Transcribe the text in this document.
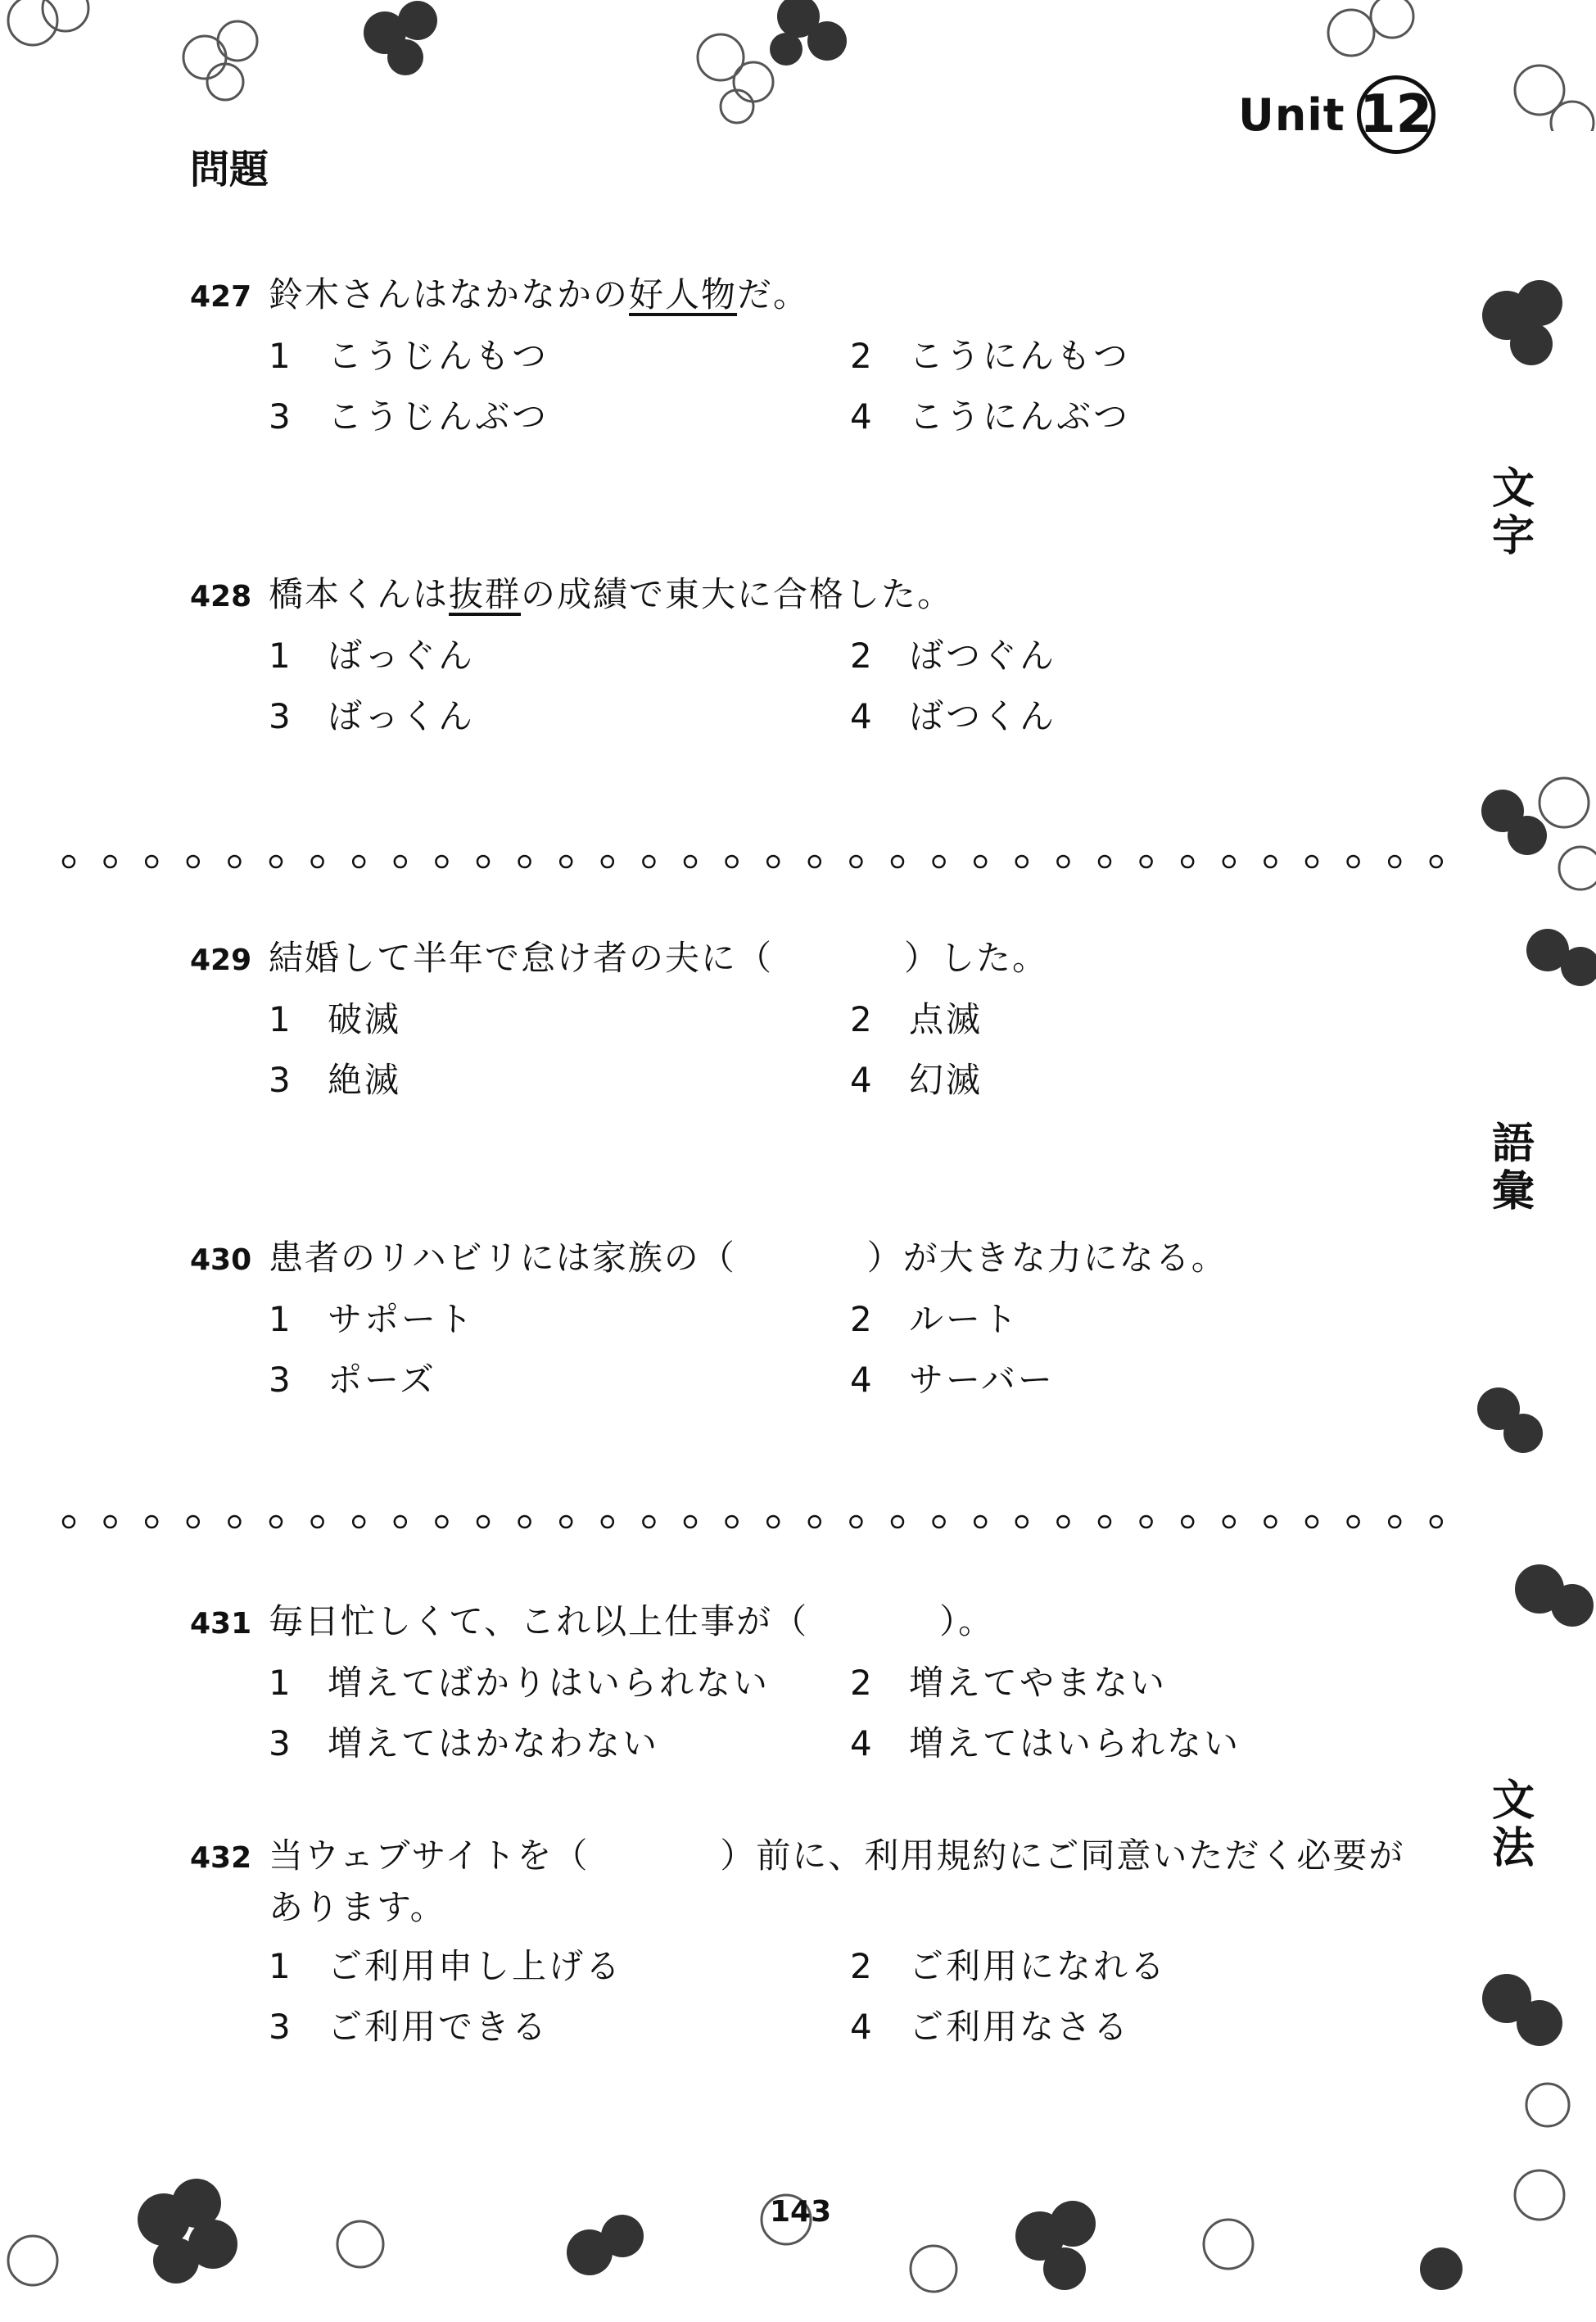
Unit 12
問題
文
字
語
彙
文
法
427 鈴木さんはなかなかの好人物だ。
1	こうじんもつ	2	こうにんもつ
3	こうじんぶつ	4	こうにんぶつ
428 橋本くんは抜群の成績で東大に合格した。
1	ばっぐん	2	ばつぐん
3	ばっくん	4	ばつくん
429 結婚して半年で怠け者の夫に（	）した。
1	破滅	2	点滅
3	絶滅	4	幻滅
430 患者のリハビリには家族の（	）が大きな力になる。
1	サポート	2	ルート
3	ポーズ	4	サーバー
431 毎日忙しくて、これ以上仕事が（	）。
1	増えてばかりはいられない 2	増えてやまない
3	増えてはかなわない	4	増えてはいられない
432 当ウェブサイトを（	）前に、利用規約にご同意いただく必要が
あります。
1	ご利用申し上げる	2	ご利用になれる
3	ご利用できる	4	ご利用なさる
143
